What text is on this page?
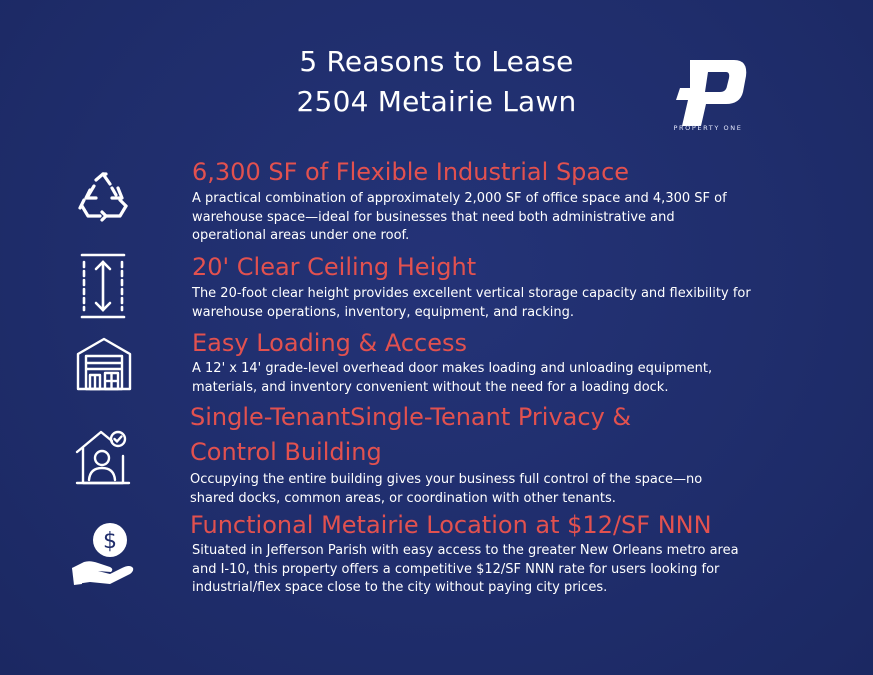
5 Reasons to Lease
2504 Metairie Lawn
PROPERTY ONE
6,300 SF of Flexible Industrial Space
A practical combination of approximately 2,000 SF of office space and 4,300 SF of warehouse space—ideal for businesses that need both administrative and operational areas under one roof.
20' Clear Ceiling Height
The 20-foot clear height provides excellent vertical storage capacity and flexibility for warehouse operations, inventory, equipment, and racking.
Easy Loading & Access
A 12' x 14' grade-level overhead door makes loading and unloading equipment, materials, and inventory convenient without the need for a loading dock.
Single-TenantSingle-Tenant Privacy &
Control Building
Occupying the entire building gives your business full control of the space—no shared docks, common areas, or coordination with other tenants.
$
Functional Metairie Location at $12/SF NNN
Situated in Jefferson Parish with easy access to the greater New Orleans metro area and I-10, this property offers a competitive $12/SF NNN rate for users looking for industrial/flex space close to the city without paying city prices.
